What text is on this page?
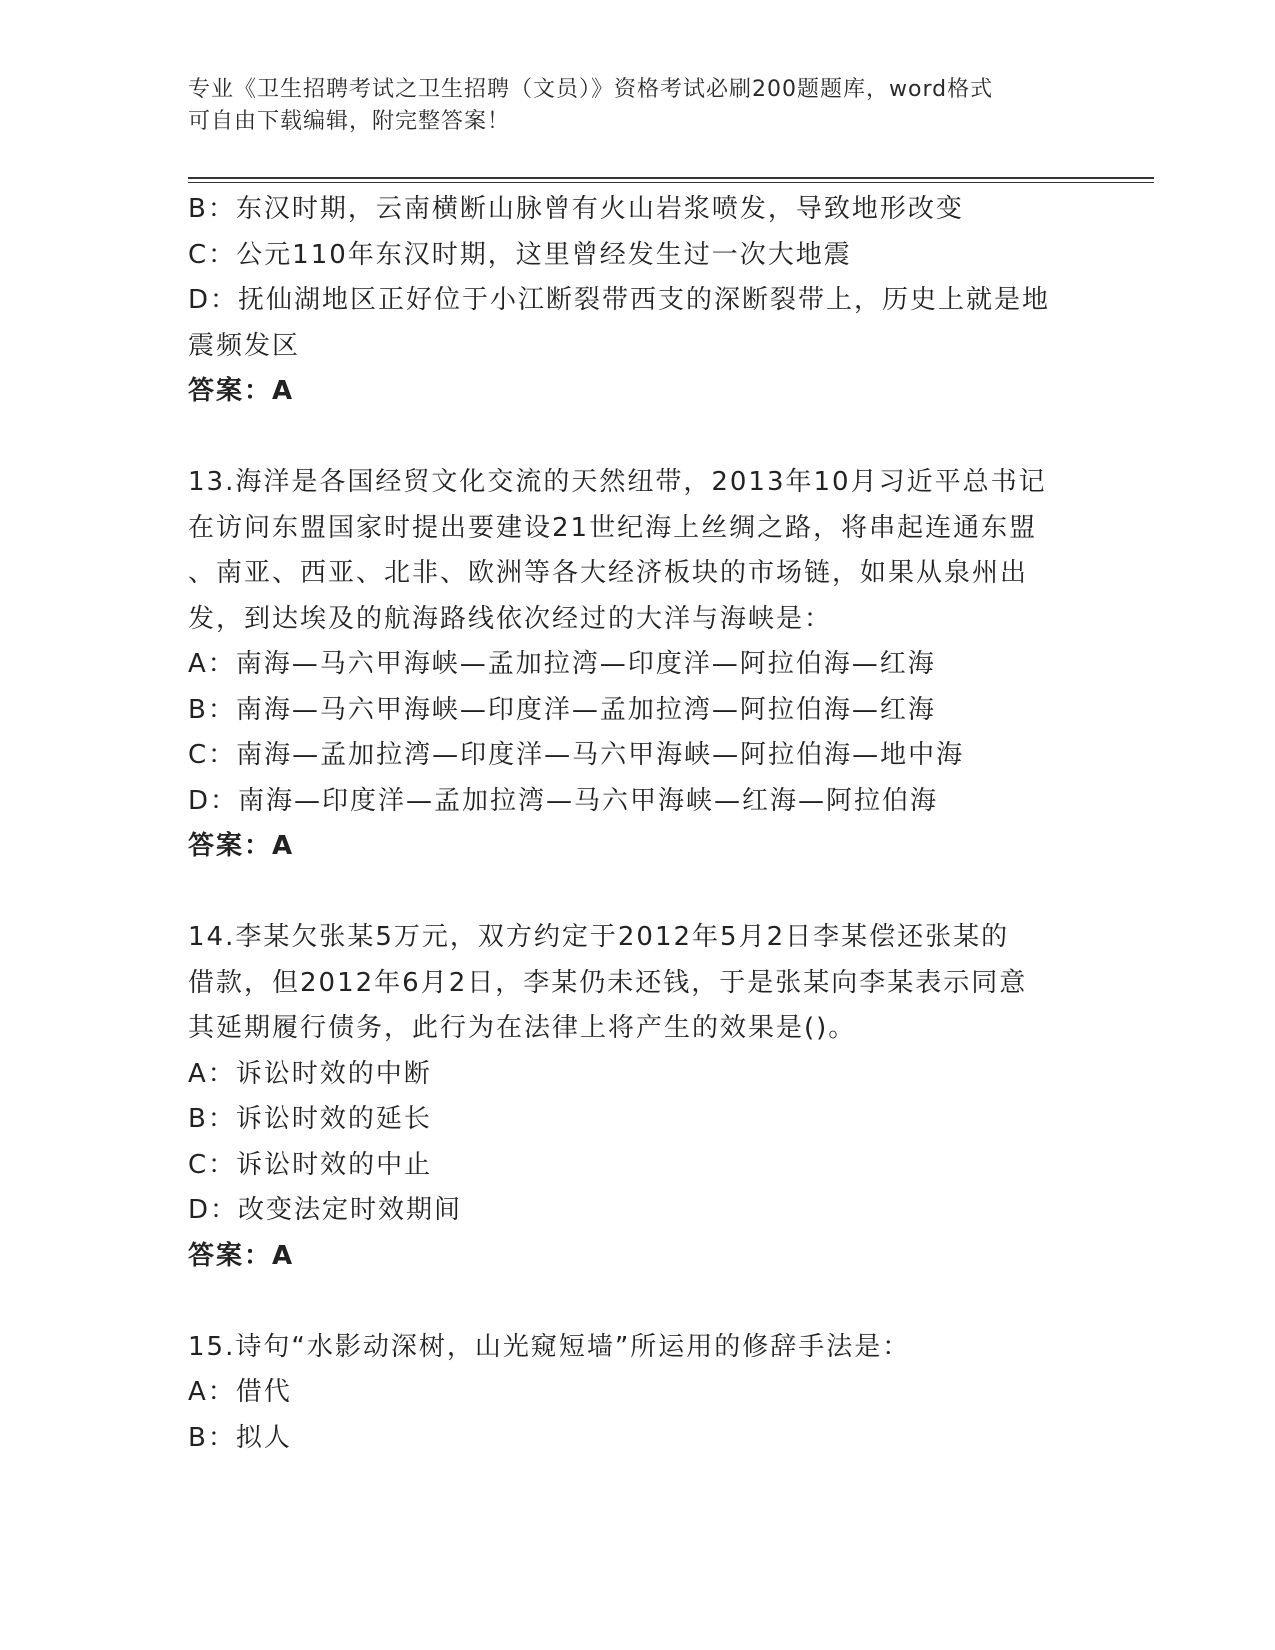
专业《卫生招聘考试之卫生招聘（文员）》资格考试必刷200题题库，word格式
可自由下载编辑，附完整答案！
B：东汉时期，云南横断山脉曾有火山岩浆喷发，导致地形改变
C：公元110年东汉时期，这里曾经发生过一次大地震
D：抚仙湖地区正好位于小江断裂带西支的深断裂带上，历史上就是地
震频发区
答案：A
13.海洋是各国经贸文化交流的天然纽带，2013年10月习近平总书记
在访问东盟国家时提出要建设21世纪海上丝绸之路，将串起连通东盟
、南亚、西亚、北非、欧洲等各大经济板块的市场链，如果从泉州出
发，到达埃及的航海路线依次经过的大洋与海峡是：
A：南海—马六甲海峡—孟加拉湾—印度洋—阿拉伯海—红海
B：南海—马六甲海峡—印度洋—孟加拉湾—阿拉伯海—红海
C：南海—孟加拉湾—印度洋—马六甲海峡—阿拉伯海—地中海
D：南海—印度洋—孟加拉湾—马六甲海峡—红海—阿拉伯海
答案：A
14.李某欠张某5万元，双方约定于2012年5月2日李某偿还张某的
借款，但2012年6月2日，李某仍未还钱，于是张某向李某表示同意
其延期履行债务，此行为在法律上将产生的效果是()。
A：诉讼时效的中断
B：诉讼时效的延长
C：诉讼时效的中止
D：改变法定时效期间
答案：A
15.诗句“水影动深树，山光窥短墙”所运用的修辞手法是：
A：借代
B：拟人
